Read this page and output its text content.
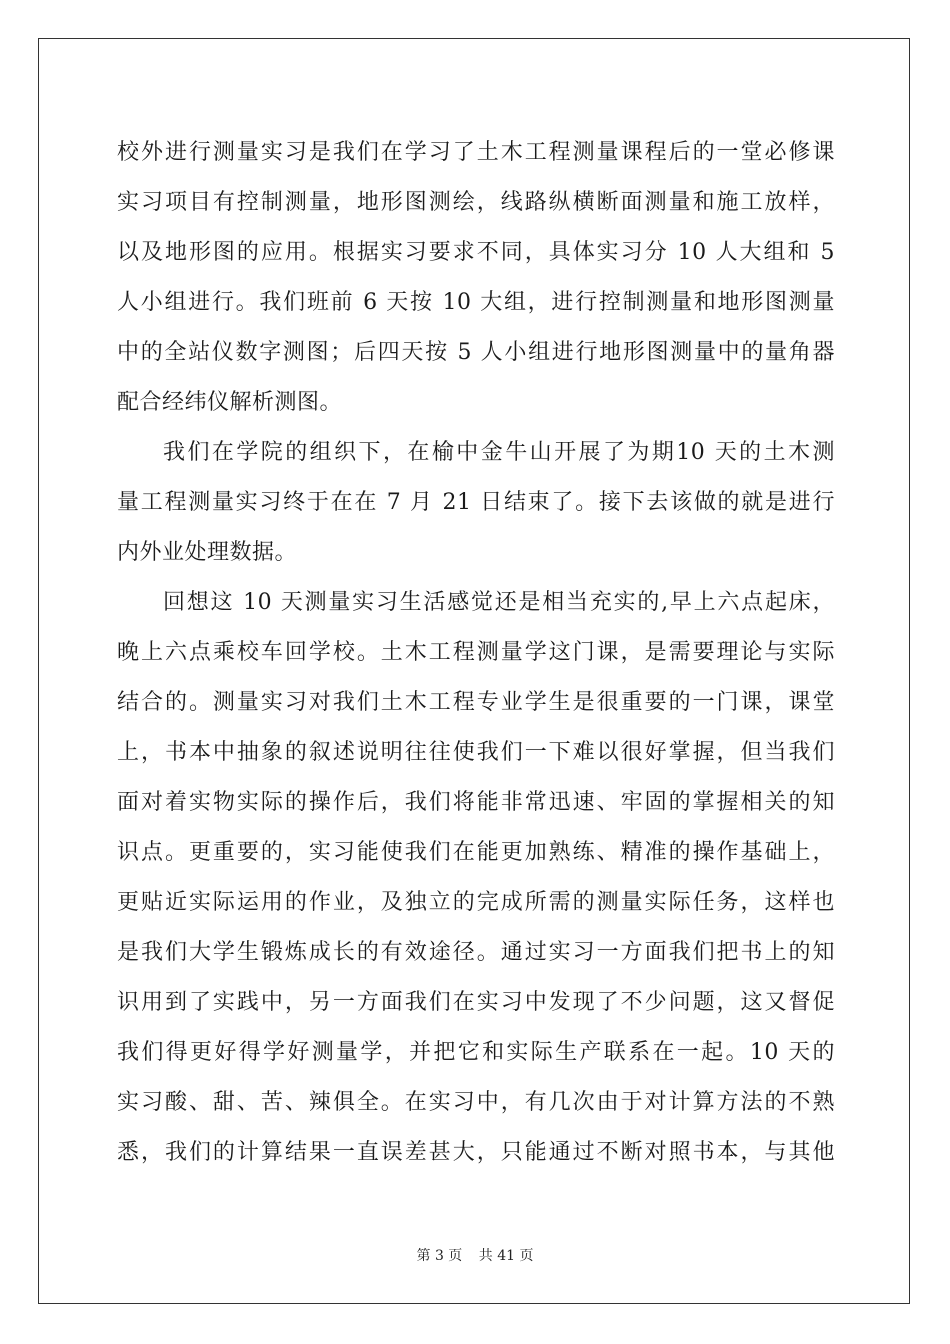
校外进行测量实习是我们在学习了土木工程测量课程后的一堂必修课
实习项目有控制测量，地形图测绘，线路纵横断面测量和施工放样，
以及地形图的应用。根据实习要求不同，具体实习分 10 人大组和 5
人小组进行。我们班前 6 天按 10 大组，进行控制测量和地形图测量
中的全站仪数字测图；后四天按 5 人小组进行地形图测量中的量角器
配合经纬仪解析测图。
我们在学院的组织下，在榆中金牛山开展了为期10 天的土木测
量工程测量实习终于在在 7 月 21 日结束了。接下去该做的就是进行
内外业处理数据。
回想这 10 天测量实习生活感觉还是相当充实的,早上六点起床，
晚上六点乘校车回学校。土木工程测量学这门课，是需要理论与实际
结合的。测量实习对我们土木工程专业学生是很重要的一门课，课堂
上，书本中抽象的叙述说明往往使我们一下难以很好掌握，但当我们
面对着实物实际的操作后，我们将能非常迅速、牢固的掌握相关的知
识点。更重要的，实习能使我们在能更加熟练、精准的操作基础上，
更贴近实际运用的作业，及独立的完成所需的测量实际任务，这样也
是我们大学生锻炼成长的有效途径。通过实习一方面我们把书上的知
识用到了实践中，另一方面我们在实习中发现了不少问题，这又督促
我们得更好得学好测量学，并把它和实际生产联系在一起。10 天的
实习酸、甜、苦、辣俱全。在实习中，有几次由于对计算方法的不熟
悉，我们的计算结果一直误差甚大，只能通过不断对照书本，与其他
第 3 页 共 41 页
